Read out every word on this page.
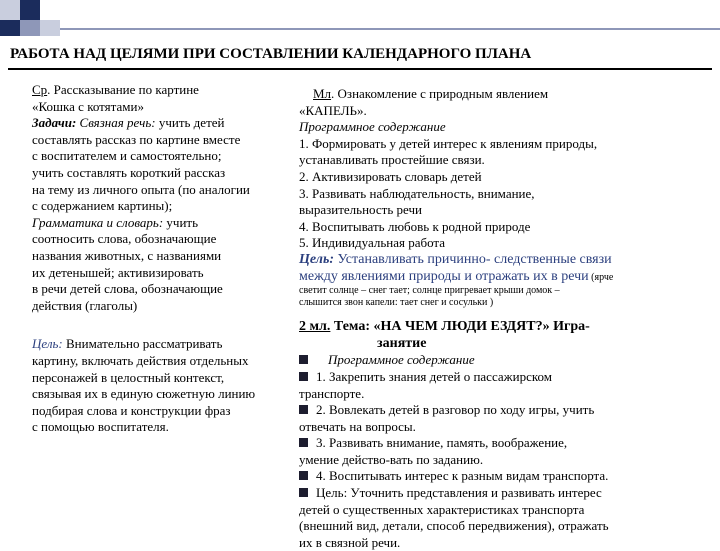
РАБОТА НАД ЦЕЛЯМИ ПРИ СОСТАВЛЕНИИ КАЛЕНДАРНОГО ПЛАНА
Ср. Рассказывание по картине
«Кошка с котятами»
Задачи: Связная речь: учить детей
составлять рассказ по картине вместе
с воспитателем и самостоятельно;
учить составлять короткий рассказ
на тему из личного опыта (по аналогии
с содержанием картины);
Грамматика и словарь: учить
соотносить слова, обозначающие
названия животных, с названиями
их детенышей; активизировать
в речи детей слова, обозначающие
действия (глаголы)
Цель: Внимательно рассматривать
картину, включать действия отдельных
персонажей в целостный контекст,
связывая их в единую сюжетную линию
подбирая слова и конструкции фраз
с помощью воспитателя.
Мл. Ознакомление с природным явлением
«КАПЕЛЬ».
Программное содержание
1. Формировать у детей интерес к явлениям природы,
устанавливать простейшие связи.
2. Активизировать словарь детей
3. Развивать наблюдательность, внимание,
выразительность речи
4. Воспитывать любовь к родной природе
5. Индивидуальная работа
Цель: Устанавливать причинно- следственные связи
между явлениями природы и отражать их в речи (ярче
светит солнце – снег тает; солнце пригревает крыши домок –
слышится звон капели: тает снег и сосульки )
2 мл. Тема: «НА ЧЕМ ЛЮДИ ЕЗДЯТ?» Игра-
занятие
Программное содержание
1. Закрепить знания детей о пассажирском
транспорте.
2. Вовлекать детей в разговор по ходу игры, учить
отвечать на вопросы.
3. Развивать внимание, память, воображение,
умение действо-вать по заданию.
4. Воспитывать интерес к разным видам транспорта.
Цель: Уточнить представления и развивать интерес
детей о существенных характеристиках транспорта
(внешний вид, детали, способ передвижения), отражать
их в связной речи.
